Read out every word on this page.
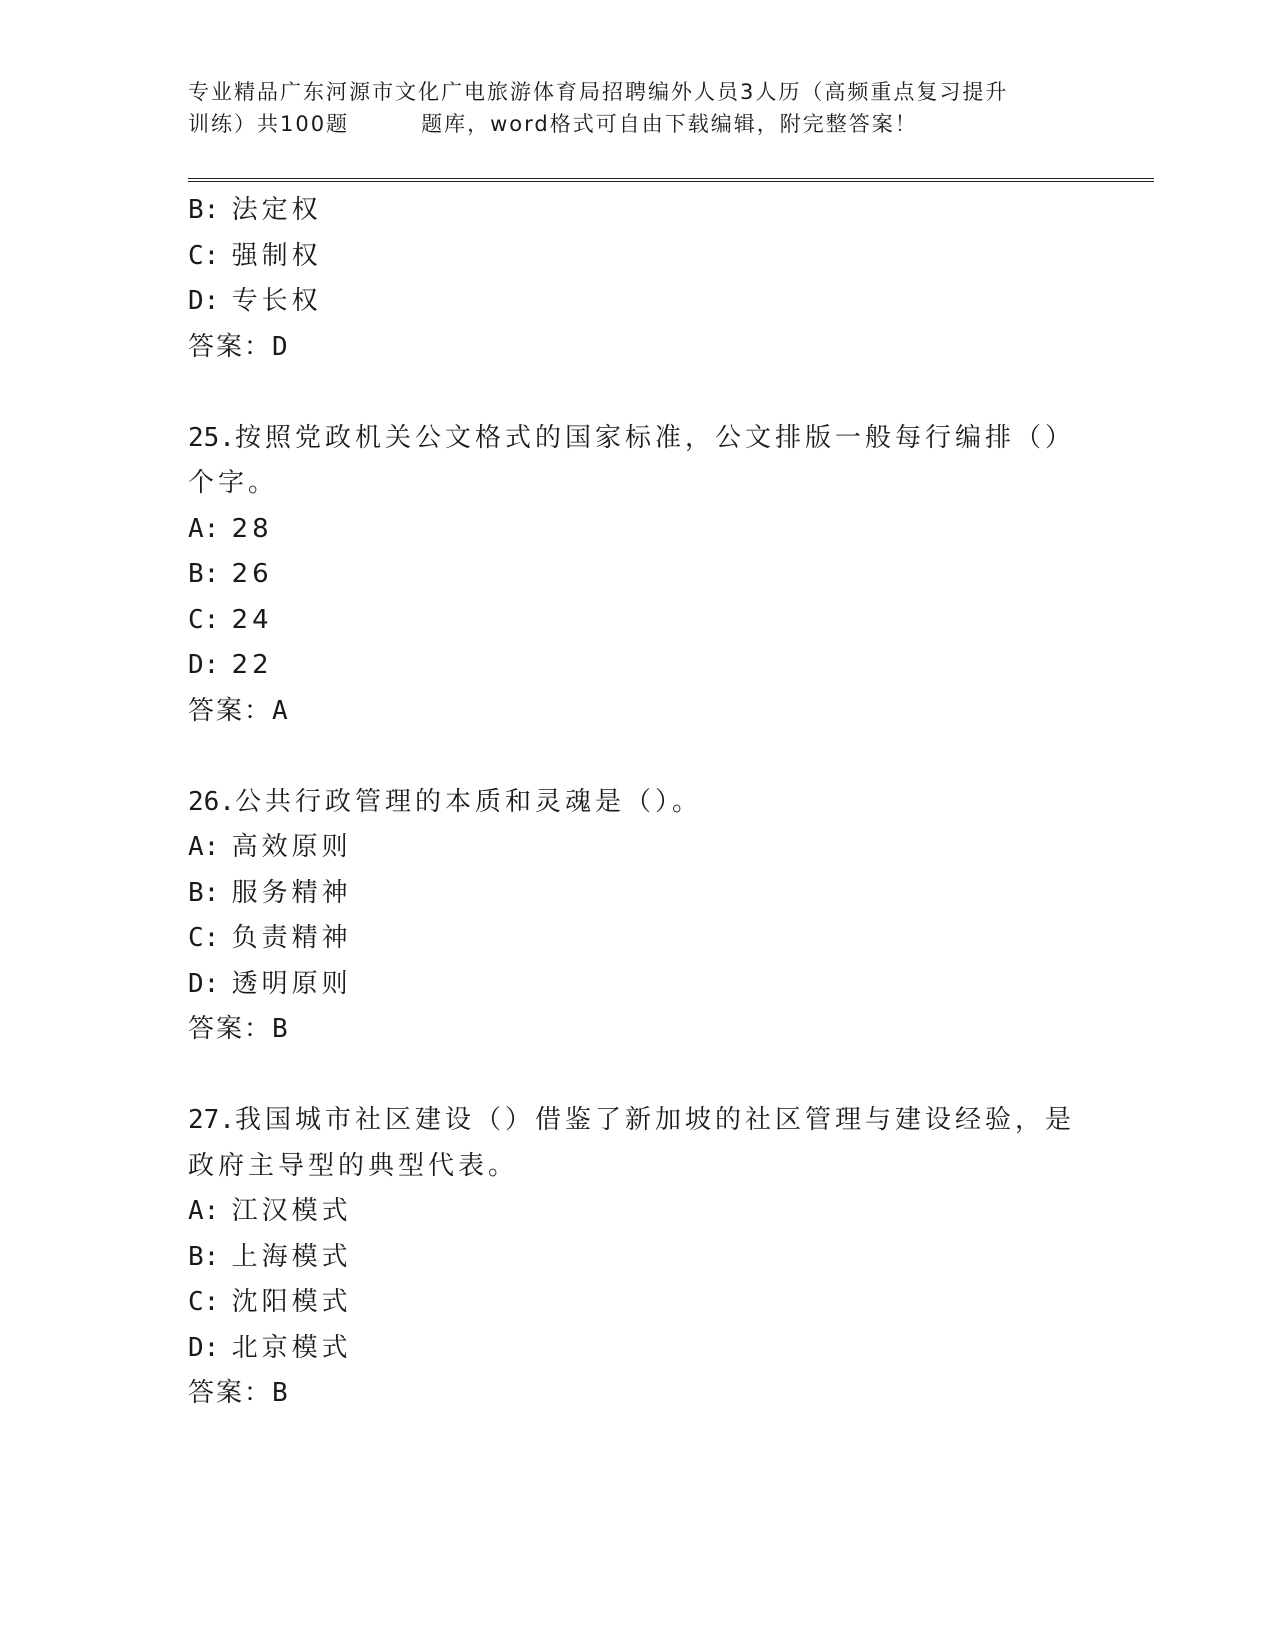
专业精品广东河源市文化广电旅游体育局招聘编外人员3人历（高频重点复习提升
训练）共100题	题库，word格式可自由下载编辑，附完整答案！
B: 法定权
C: 强制权
D: 专长权
答案：D
25.按照党政机关公文格式的国家标准，公文排版一般每行编排（）个字。
A: 28
B: 26
C: 24
D: 22
答案：A
26.公共行政管理的本质和灵魂是（）。
A: 高效原则
B: 服务精神
C: 负责精神
D: 透明原则
答案：B
27.我国城市社区建设（）借鉴了新加坡的社区管理与建设经验，是政府主导型的典型代表。
A: 江汉模式
B: 上海模式
C: 沈阳模式
D: 北京模式
答案：B
